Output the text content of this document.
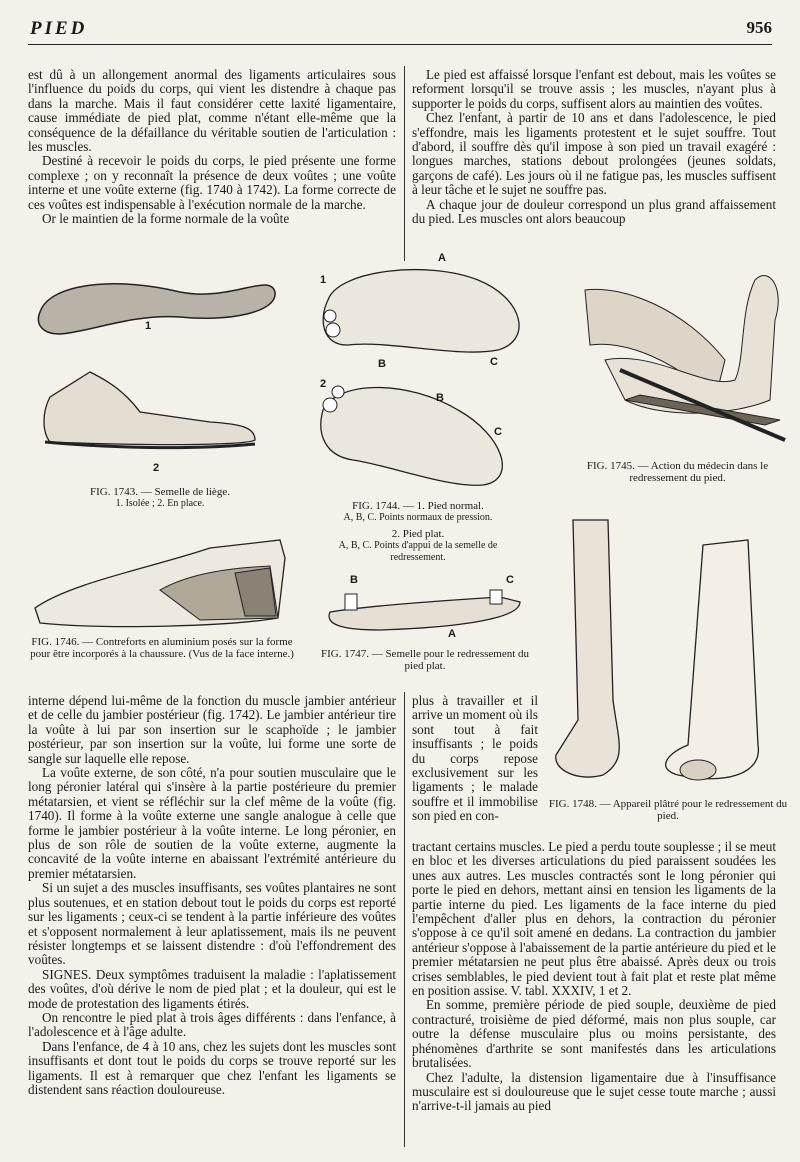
PIED	956

est dû à un allongement anormal des ligaments articulaires sous l'influence du poids du corps, qui vient les distendre à chaque pas dans la marche. Mais il faut considérer cette laxité ligamentaire, cause immédiate de pied plat, comme n'étant elle-même que la conséquence de la défaillance du véritable soutien de l'articulation : les muscles.

Destiné à recevoir le poids du corps, le pied présente une forme complexe ; on y reconnaît la présence de deux voûtes ; une voûte interne et une voûte externe (fig. 1740 à 1742). La forme correcte de ces voûtes est indispensable à l'exécution normale de la marche.

Or le maintien de la forme normale de la voûte

Le pied est affaissé lorsque l'enfant est debout, mais les voûtes se reforment lorsqu'il se trouve assis ; les muscles, n'ayant plus à supporter le poids du corps, suffisent alors au maintien des voûtes.

Chez l'enfant, à partir de 10 ans et dans l'adolescence, le pied s'effondre, mais les ligaments protestent et le sujet souffre. Tout d'abord, il souffre dès qu'il impose à son pied un travail exagéré : longues marches, stations debout prolongées (jeunes soldats, garçons de café). Les jours où il ne fatigue pas, les muscles suffisent à leur tâche et le sujet ne souffre pas.

A chaque jour de douleur correspond un plus grand affaissement du pied. Les muscles ont alors beaucoup

1
2
FIG. 1743. — Semelle de liège.
1. Isolée ; 2. En place.
1
A
B	C
2
B
C
FIG. 1744. — 1. Pied normal.
A, B, C. Points normaux de pression.
2. Pied plat.
A, B, C. Points d'appui de la semelle de redressement.
FIG. 1745. — Action du médecin dans le redressement du pied.
FIG. 1746. — Contreforts en aluminium posés sur la forme pour être incorporés à la chaussure. (Vus de la face interne.)
B	C
A
FIG. 1747. — Semelle pour le redressement du pied plat.
FIG. 1748. — Appareil plâtré pour le redressement du pied.

interne dépend lui-même de la fonction du muscle jambier antérieur et de celle du jambier postérieur (fig. 1742). Le jambier antérieur tire la voûte à lui par son insertion sur le scaphoïde ; le jambier postérieur, par son insertion sur la voûte, lui forme une sorte de sangle sur laquelle elle repose.

La voûte externe, de son côté, n'a pour soutien musculaire que le long péronier latéral qui s'insère à la partie postérieure du premier métatarsien, et vient se réfléchir sur la clef même de la voûte (fig. 1740). Il forme à la voûte externe une sangle analogue à celle que forme le jambier postérieur à la voûte interne. Le long péronier, en plus de son rôle de soutien de la voûte externe, augmente la concavité de la voûte interne en abaissant l'extrémité antérieure du premier métatarsien.

Si un sujet a des muscles insuffisants, ses voûtes plantaires ne sont plus soutenues, et en station debout tout le poids du corps est reporté sur les ligaments ; ceux-ci se tendent à la partie inférieure des voûtes et s'opposent normalement à leur aplatissement, mais ils ne peuvent résister longtemps et se laissent distendre : d'où l'effondrement des voûtes.

SIGNES. Deux symptômes traduisent la maladie : l'aplatissement des voûtes, d'où dérive le nom de pied plat ; et la douleur, qui est le mode de protestation des ligaments étirés.

On rencontre le pied plat à trois âges différents : dans l'enfance, à l'adolescence et à l'âge adulte.

Dans l'enfance, de 4 à 10 ans, chez les sujets dont les muscles sont insuffisants et dont tout le poids du corps se trouve reporté sur les ligaments. Il est à remarquer que chez l'enfant les ligaments se distendent sans réaction douloureuse.

plus à travailler et il arrive un moment où ils sont tout à fait insuffisants ; le poids du corps repose exclusivement sur les ligaments ; le malade souffre et il immobilise son pied en con-

tractant certains muscles. Le pied a perdu toute souplesse ; il se meut en bloc et les diverses articulations du pied paraissent soudées les unes aux autres. Les muscles contractés sont le long péronier qui porte le pied en dehors, mettant ainsi en tension les ligaments de la partie interne du pied. Les ligaments de la face interne du pied l'empêchent d'aller plus en dehors, la contraction du péronier s'oppose à ce qu'il soit amené en dedans. La contraction du jambier antérieur s'oppose à l'abaissement de la partie antérieure du pied et le premier métatarsien ne peut plus être abaissé. Après deux ou trois crises semblables, le pied devient tout à fait plat et reste plat même en position assise. V. tabl. XXXIV, 1 et 2.

En somme, première période de pied souple, deuxième de pied contracturé, troisième de pied déformé, mais non plus souple, car outre la défense musculaire plus ou moins persistante, des phénomènes d'arthrite se sont manifestés dans les articulations brutalisées.

Chez l'adulte, la distension ligamentaire due à l'insuffisance musculaire est si douloureuse que le sujet cesse toute marche ; aussi n'arrive-t-il jamais au pied
